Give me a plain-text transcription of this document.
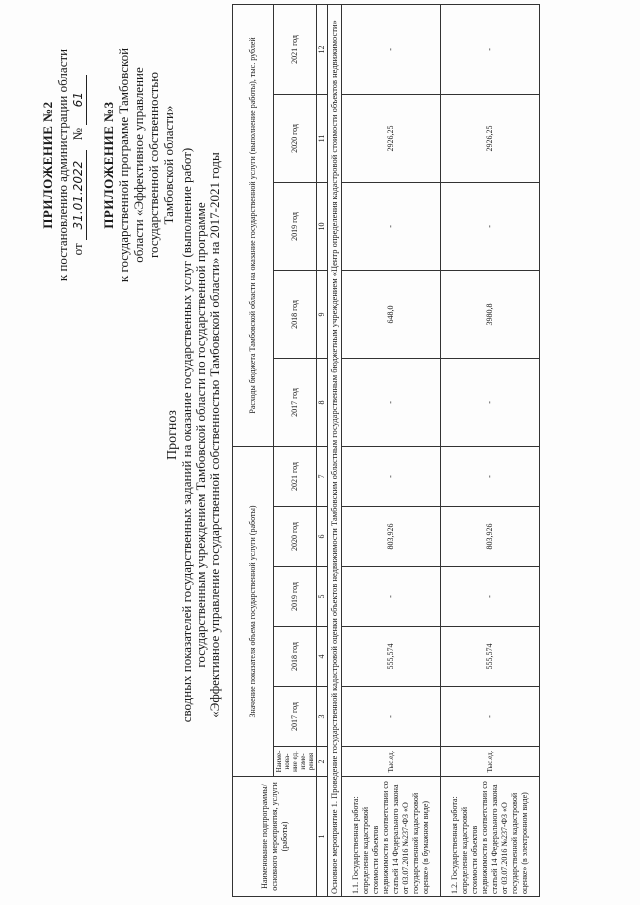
ПРИЛОЖЕНИЕ №2 к постановлению администрации области от 31.01.2022   № 61
ПРИЛОЖЕНИЕ №3 к государственной программе Тамбовской области «Эффективное управление государственной собственностью Тамбовской области»
Прогноз сводных показателей государственных заданий на оказание государственных услуг (выполнение работ) государственным учреждением Тамбовской области по государственной программе «Эффективное управление государственной собственностью Тамбовской области» на 2017-2021 годы
Наименование подпрограммы/основного мероприятия, услуги (работы)	Значение показателя объема государственной услуги (работы)						Расходы бюджета Тамбовской области на оказание государственной услуги (выполнение работы), тыс. рублей				
	Наиме-нова-ние ед. изме-рения	2017 год	2018 год	2019 год	2020 год	2021 год	2017 год	2018 год	2019 год	2020 год	2021 год
1	2	3	4	5	6	7	8	9	10	11	12
Основное мероприятие 1. Проведение государственной кадастровой оценки объектов недвижимости Тамбовским областным государственным бюджетным учреждением «Центр определения кадастровой стоимости объектов недвижимости»											
1.1. Государственная работа: определение кадастровой стоимости объектов недвижимости в соответствии со статьей 14 Федерального закона от 03.07.2016 №237-ФЗ «О государственной кадастровой оценке» (в бумажном виде)	Тыс.ед.	-	555,574	-	803,926	-	-	648,0	-	2926,25	-
1.2. Государственная работа: определение кадастровой стоимости объектов недвижимости в соответствии со статьей 14 Федерального закона от 03.07.2016 №237-ФЗ «О государственной кадастровой оценке» (в электронном виде)	Тыс.ед.	-	555,574	-	803,926	-	-	3980,8	-	2926,25	-
